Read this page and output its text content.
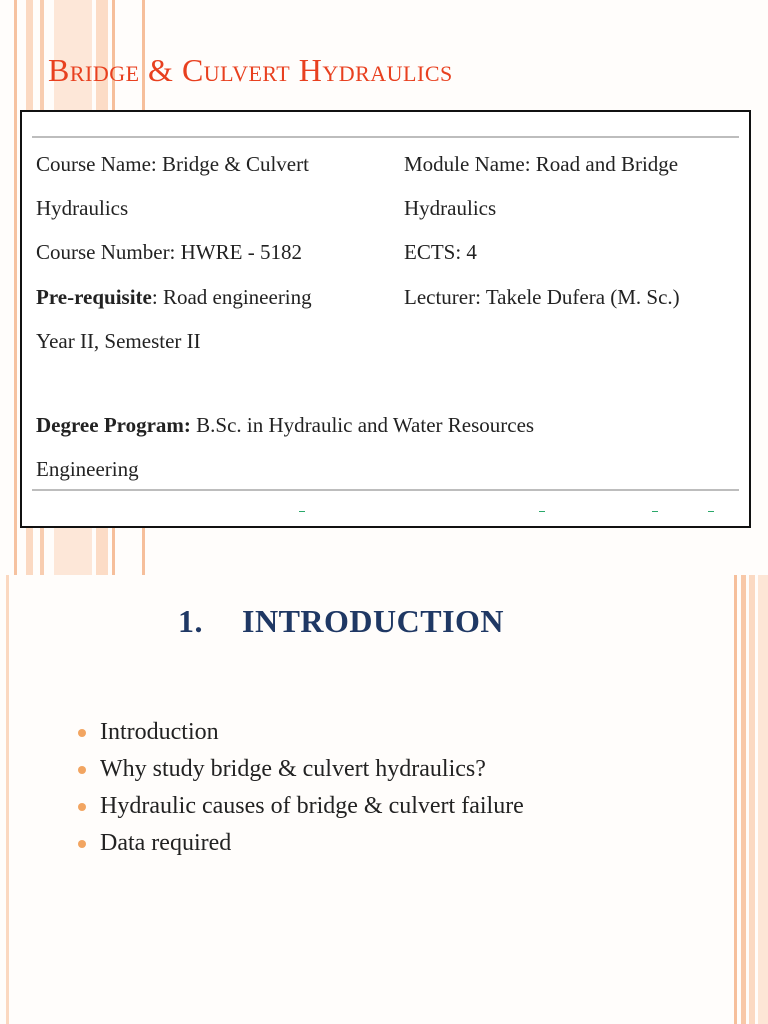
Bridge & Culvert Hydraulics
Course Name: Bridge & Culvert	Module Name: Road and Bridge
Hydraulics	Hydraulics
Course Number: HWRE - 5182	ECTS: 4
Pre-requisite: Road engineering	Lecturer: Takele Dufera (M. Sc.)
Year II, Semester II
Degree Program: B.Sc. in Hydraulic and Water Resources
Engineering
1. INTRODUCTION
Introduction
Why study bridge & culvert hydraulics?
Hydraulic causes of bridge & culvert failure
Data required
